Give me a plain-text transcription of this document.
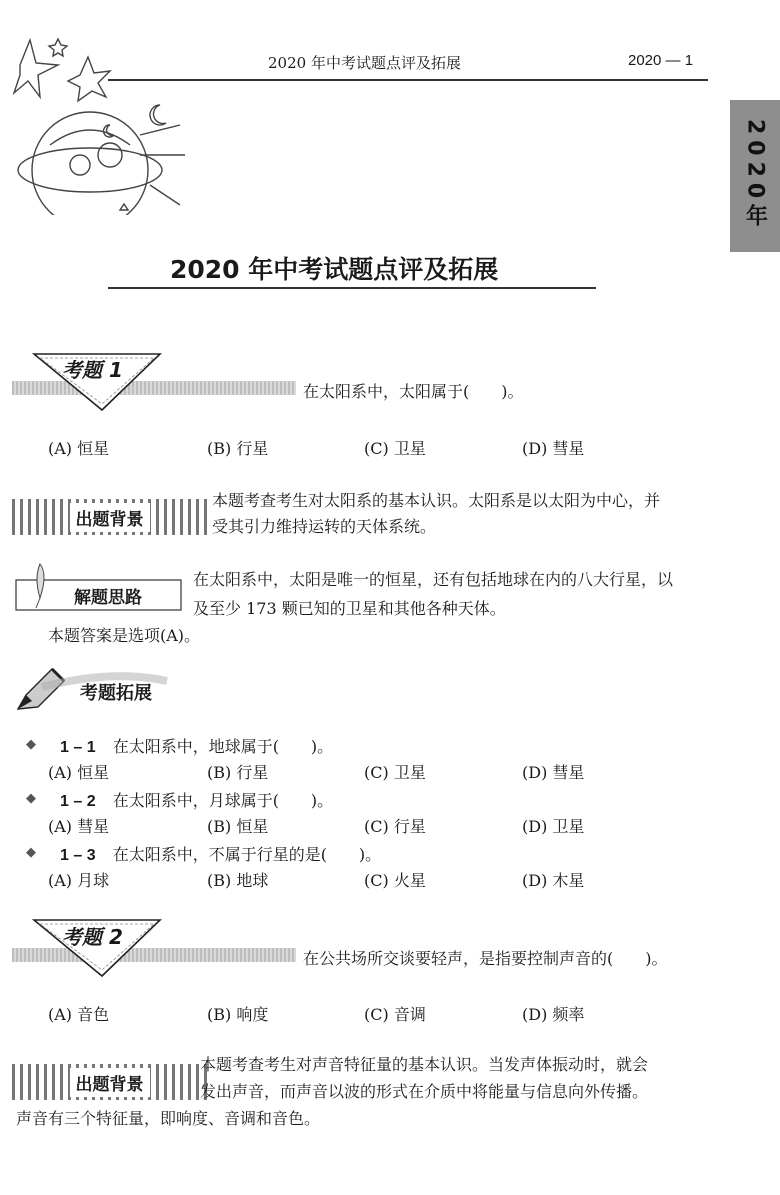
2020 年中考试题点评及拓展	2020 — 1
2020年
2020 年中考试题点评及拓展
考题 1
在太阳系中，太阳属于(　　)。
(A) 恒星	(B) 行星	(C) 卫星	(D) 彗星
出题背景
本题考查考生对太阳系的基本认识。太阳系是以太阳为中心，并
受其引力维持运转的天体系统。
解题思路
在太阳系中，太阳是唯一的恒星，还有包括地球在内的八大行星，以
及至少 173 颗已知的卫星和其他各种天体。
本题答案是选项(A)。
考题拓展
◆ 1 – 1 在太阳系中，地球属于(　　)。
(A) 恒星	(B) 行星	(C) 卫星	(D) 彗星
◆ 1 – 2 在太阳系中，月球属于(　　)。
(A) 彗星	(B) 恒星	(C) 行星	(D) 卫星
◆ 1 – 3 在太阳系中，不属于行星的是(　　)。
(A) 月球	(B) 地球	(C) 火星	(D) 木星
考题 2
在公共场所交谈要轻声，是指要控制声音的(　　)。
(A) 音色	(B) 响度	(C) 音调	(D) 频率
出题背景
本题考查考生对声音特征量的基本认识。当发声体振动时，就会
发出声音，而声音以波的形式在介质中将能量与信息向外传播。
声音有三个特征量，即响度、音调和音色。
